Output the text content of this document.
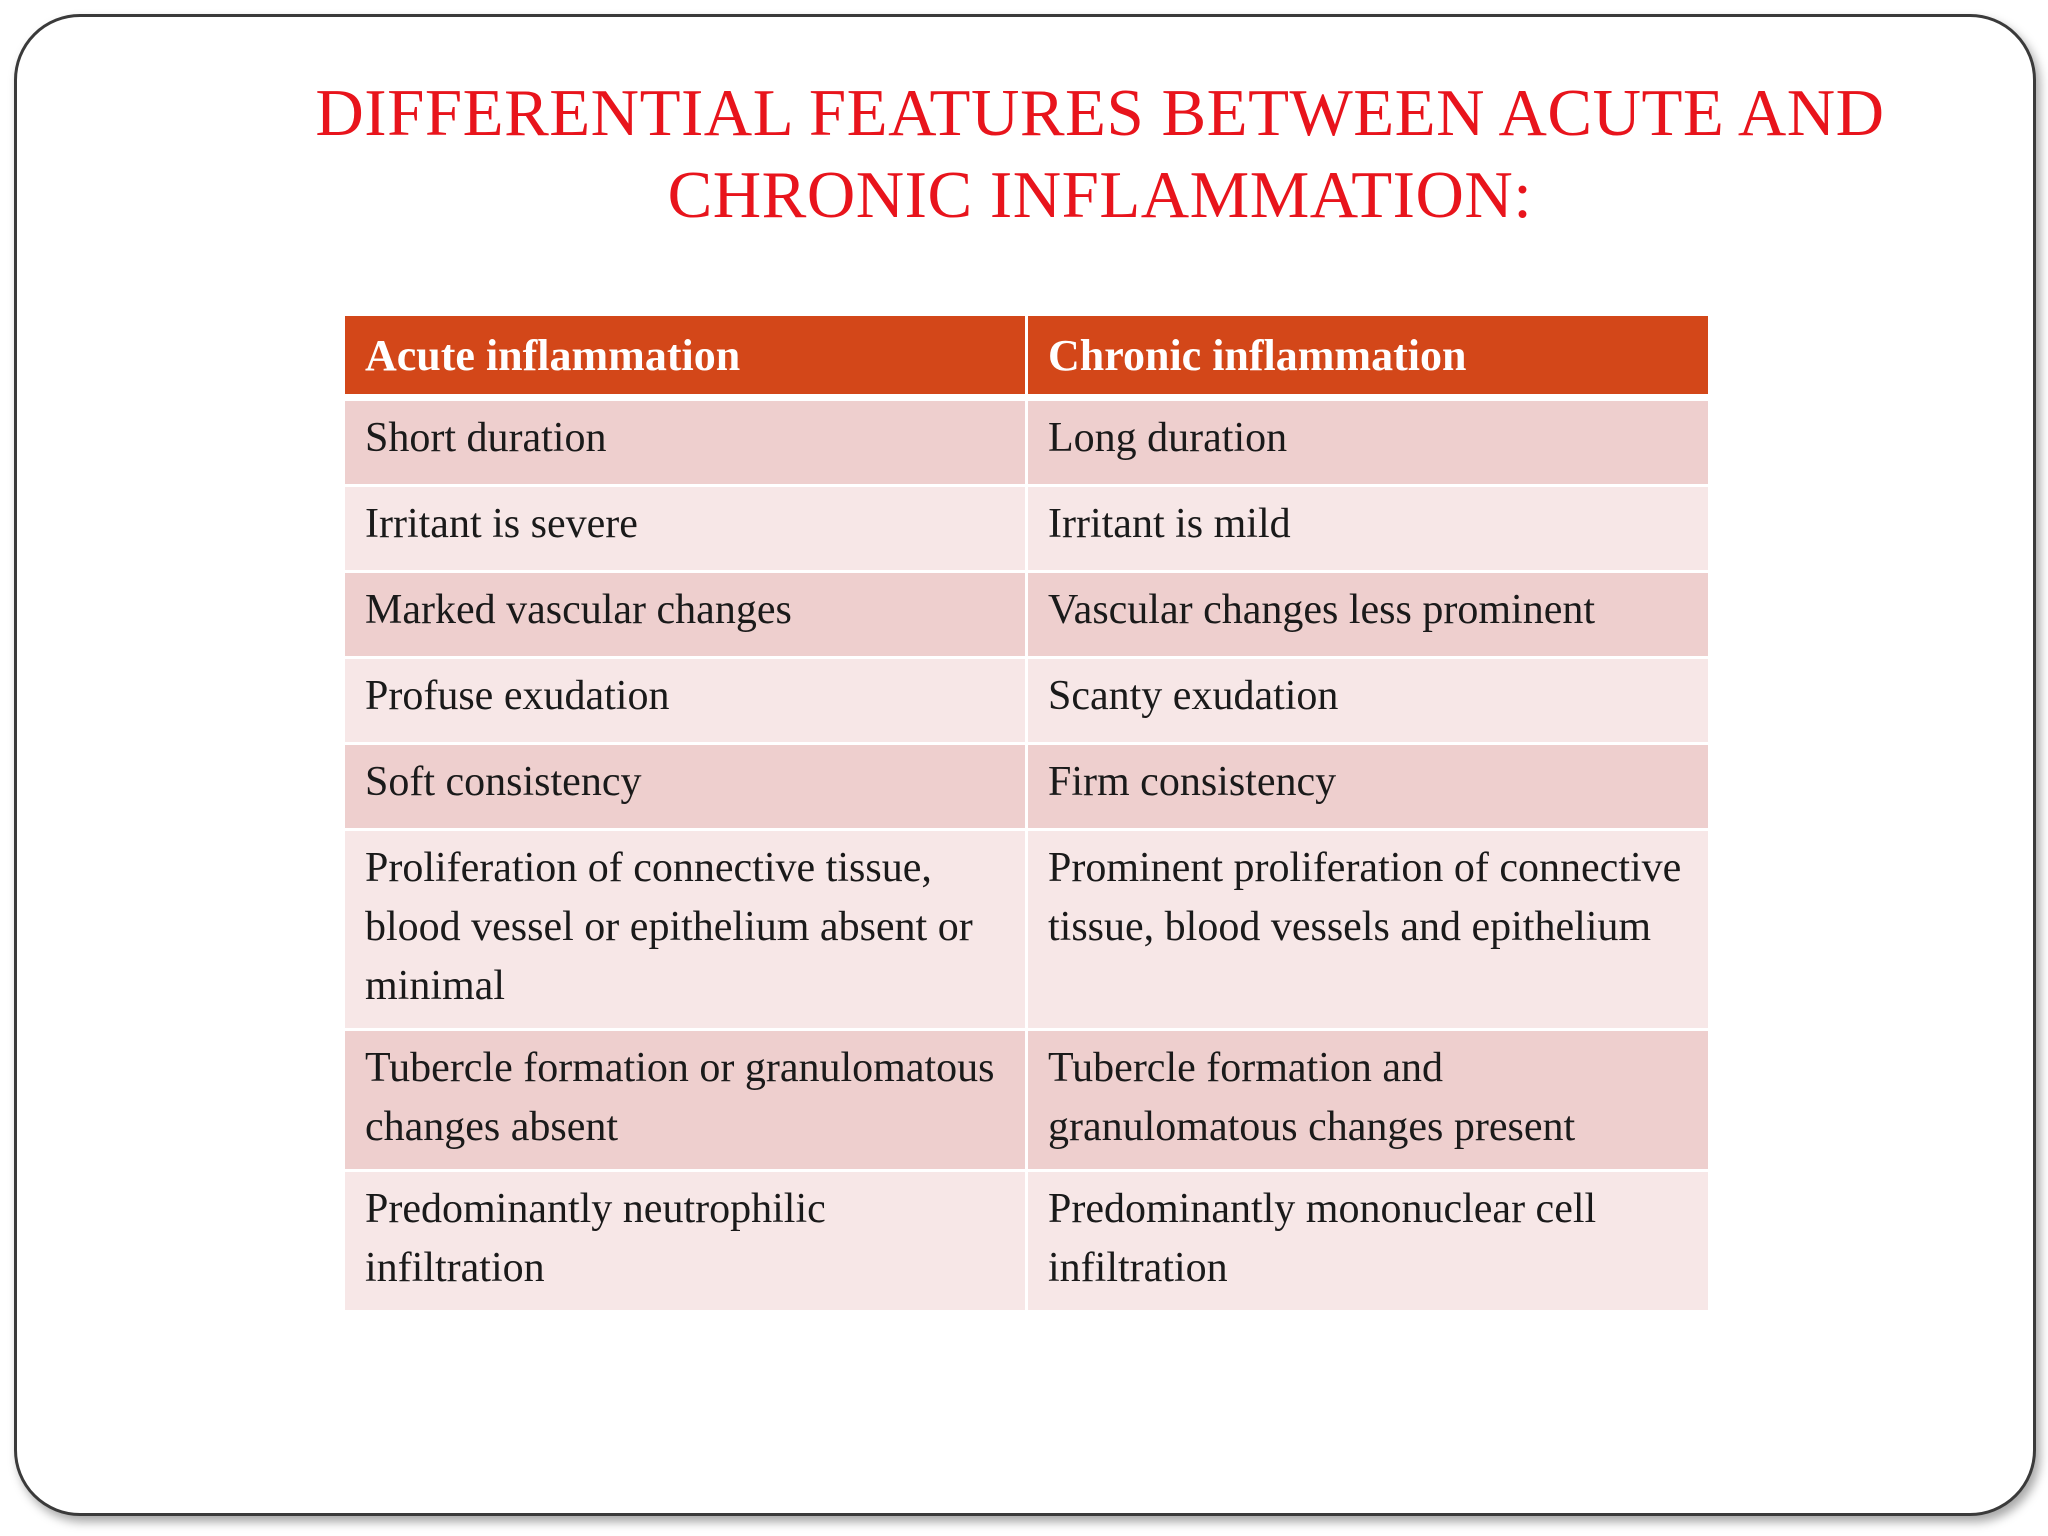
DIFFERENTIAL FEATURES BETWEEN ACUTE AND
CHRONIC INFLAMMATION:
Acute inflammation	Chronic inflammation
Short duration	Long duration
Irritant is severe	Irritant is mild
Marked vascular changes	Vascular changes less prominent
Profuse exudation	Scanty exudation
Soft consistency	Firm consistency
Proliferation of connective tissue, blood vessel or epithelium absent or minimal	Prominent proliferation of connective tissue, blood vessels and epithelium
Tubercle formation or granulomatous changes absent	Tubercle formation and granulomatous changes present
Predominantly neutrophilic infiltration	Predominantly mononuclear cell infiltration
